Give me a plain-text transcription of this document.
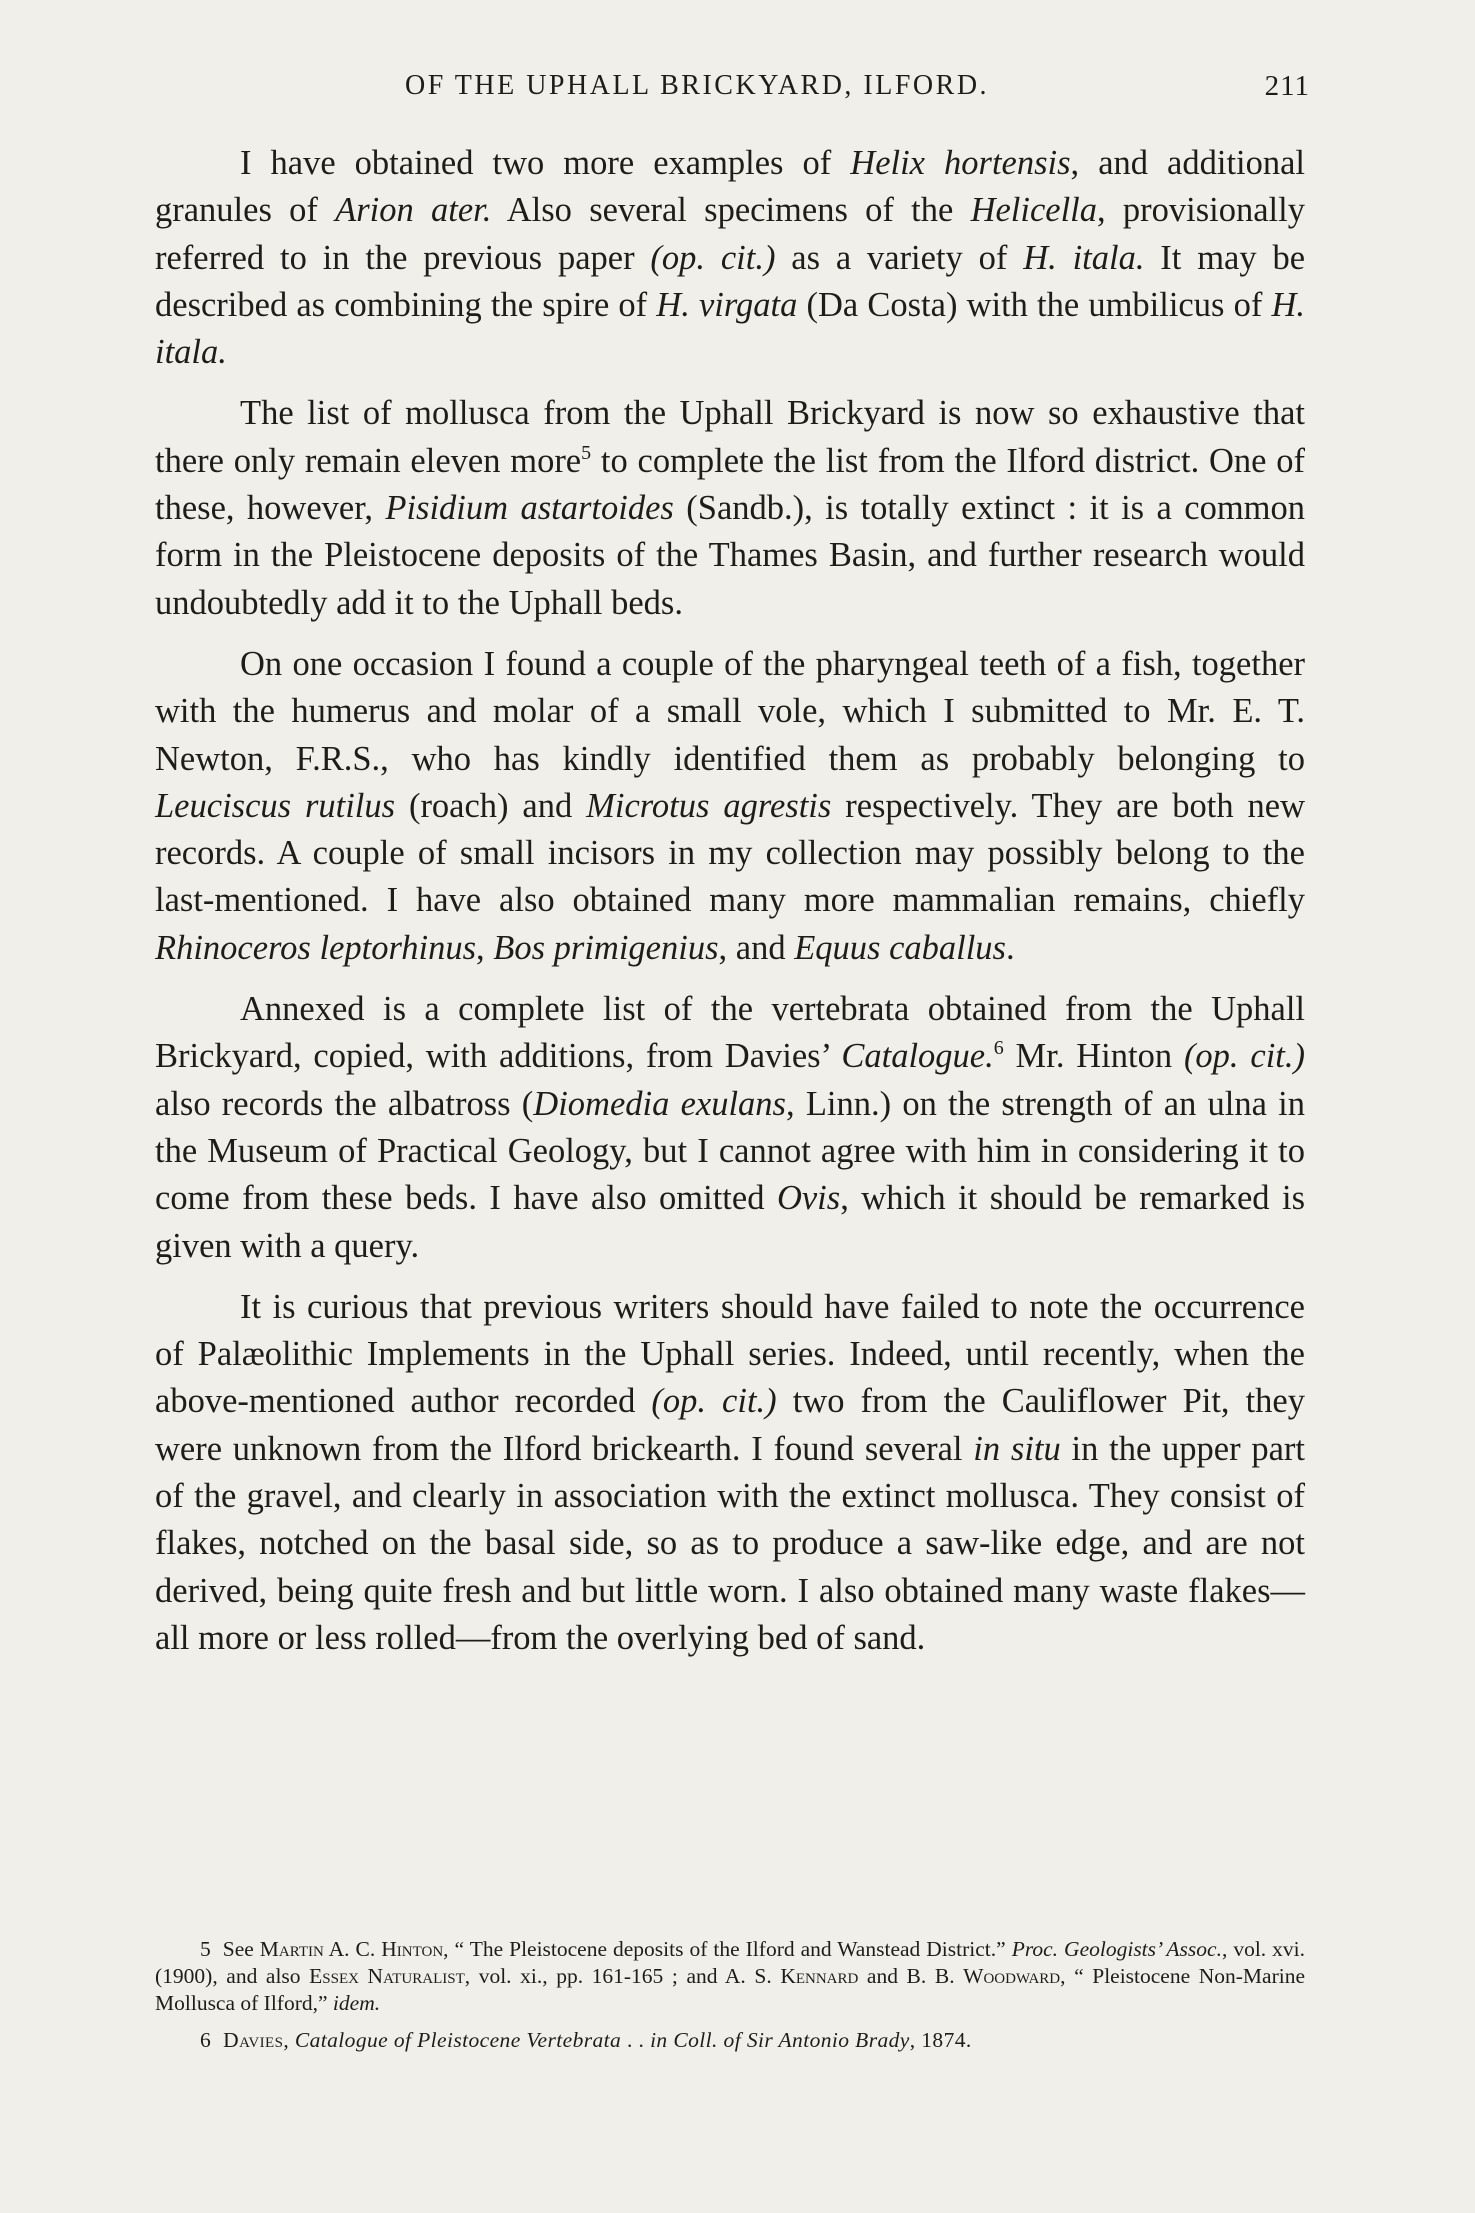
OF THE UPHALL BRICKYARD, ILFORD.	211

I have obtained two more examples of Helix hortensis, and additional granules of Arion ater. Also several specimens of the Helicella, provisionally referred to in the previous paper (op. cit.) as a variety of H. itala. It may be described as combining the spire of H. virgata (Da Costa) with the umbilicus of H. itala.

The list of mollusca from the Uphall Brickyard is now so exhaustive that there only remain eleven more$^5$ to complete the list from the Ilford district. One of these, however, Pisidium astartoides (Sandb.), is totally extinct : it is a common form in the Pleistocene deposits of the Thames Basin, and further research would undoubtedly add it to the Uphall beds.

On one occasion I found a couple of the pharyngeal teeth of a fish, together with the humerus and molar of a small vole, which I submitted to Mr. E. T. Newton, F.R.S., who has kindly identified them as probably belonging to Leuciscus rutilus (roach) and Microtus agrestis respectively. They are both new records. A couple of small incisors in my collection may possibly belong to the last-mentioned. I have also obtained many more mammalian remains, chiefly Rhinoceros leptorhinus, Bos primigenius, and Equus caballus.

Annexed is a complete list of the vertebrata obtained from the Uphall Brickyard, copied, with additions, from Davies’ Catalogue.$^6$ Mr. Hinton (op. cit.) also records the albatross (Diomedia exulans, Linn.) on the strength of an ulna in the Museum of Practical Geology, but I cannot agree with him in considering it to come from these beds. I have also omitted Ovis, which it should be remarked is given with a query.

It is curious that previous writers should have failed to note the occurrence of Palæolithic Implements in the Uphall series. Indeed, until recently, when the above-mentioned author recorded (op. cit.) two from the Cauliflower Pit, they were unknown from the Ilford brickearth. I found several in situ in the upper part of the gravel, and clearly in association with the extinct mollusca. They consist of flakes, notched on the basal side, so as to produce a saw-like edge, and are not derived, being quite fresh and but little worn. I also obtained many waste flakes—all more or less rolled—from the overlying bed of sand.

5 See Martin A. C. Hinton, “ The Pleistocene deposits of the Ilford and Wanstead District.” Proc. Geologists’ Assoc., vol. xvi. (1900), and also Essex Naturalist, vol. xi., pp. 161-165 ; and A. S. Kennard and B. B. Woodward, “ Pleistocene Non-Marine Mollusca of Ilford,” idem.

6 Davies, Catalogue of Pleistocene Vertebrata . . in Coll. of Sir Antonio Brady, 1874.
